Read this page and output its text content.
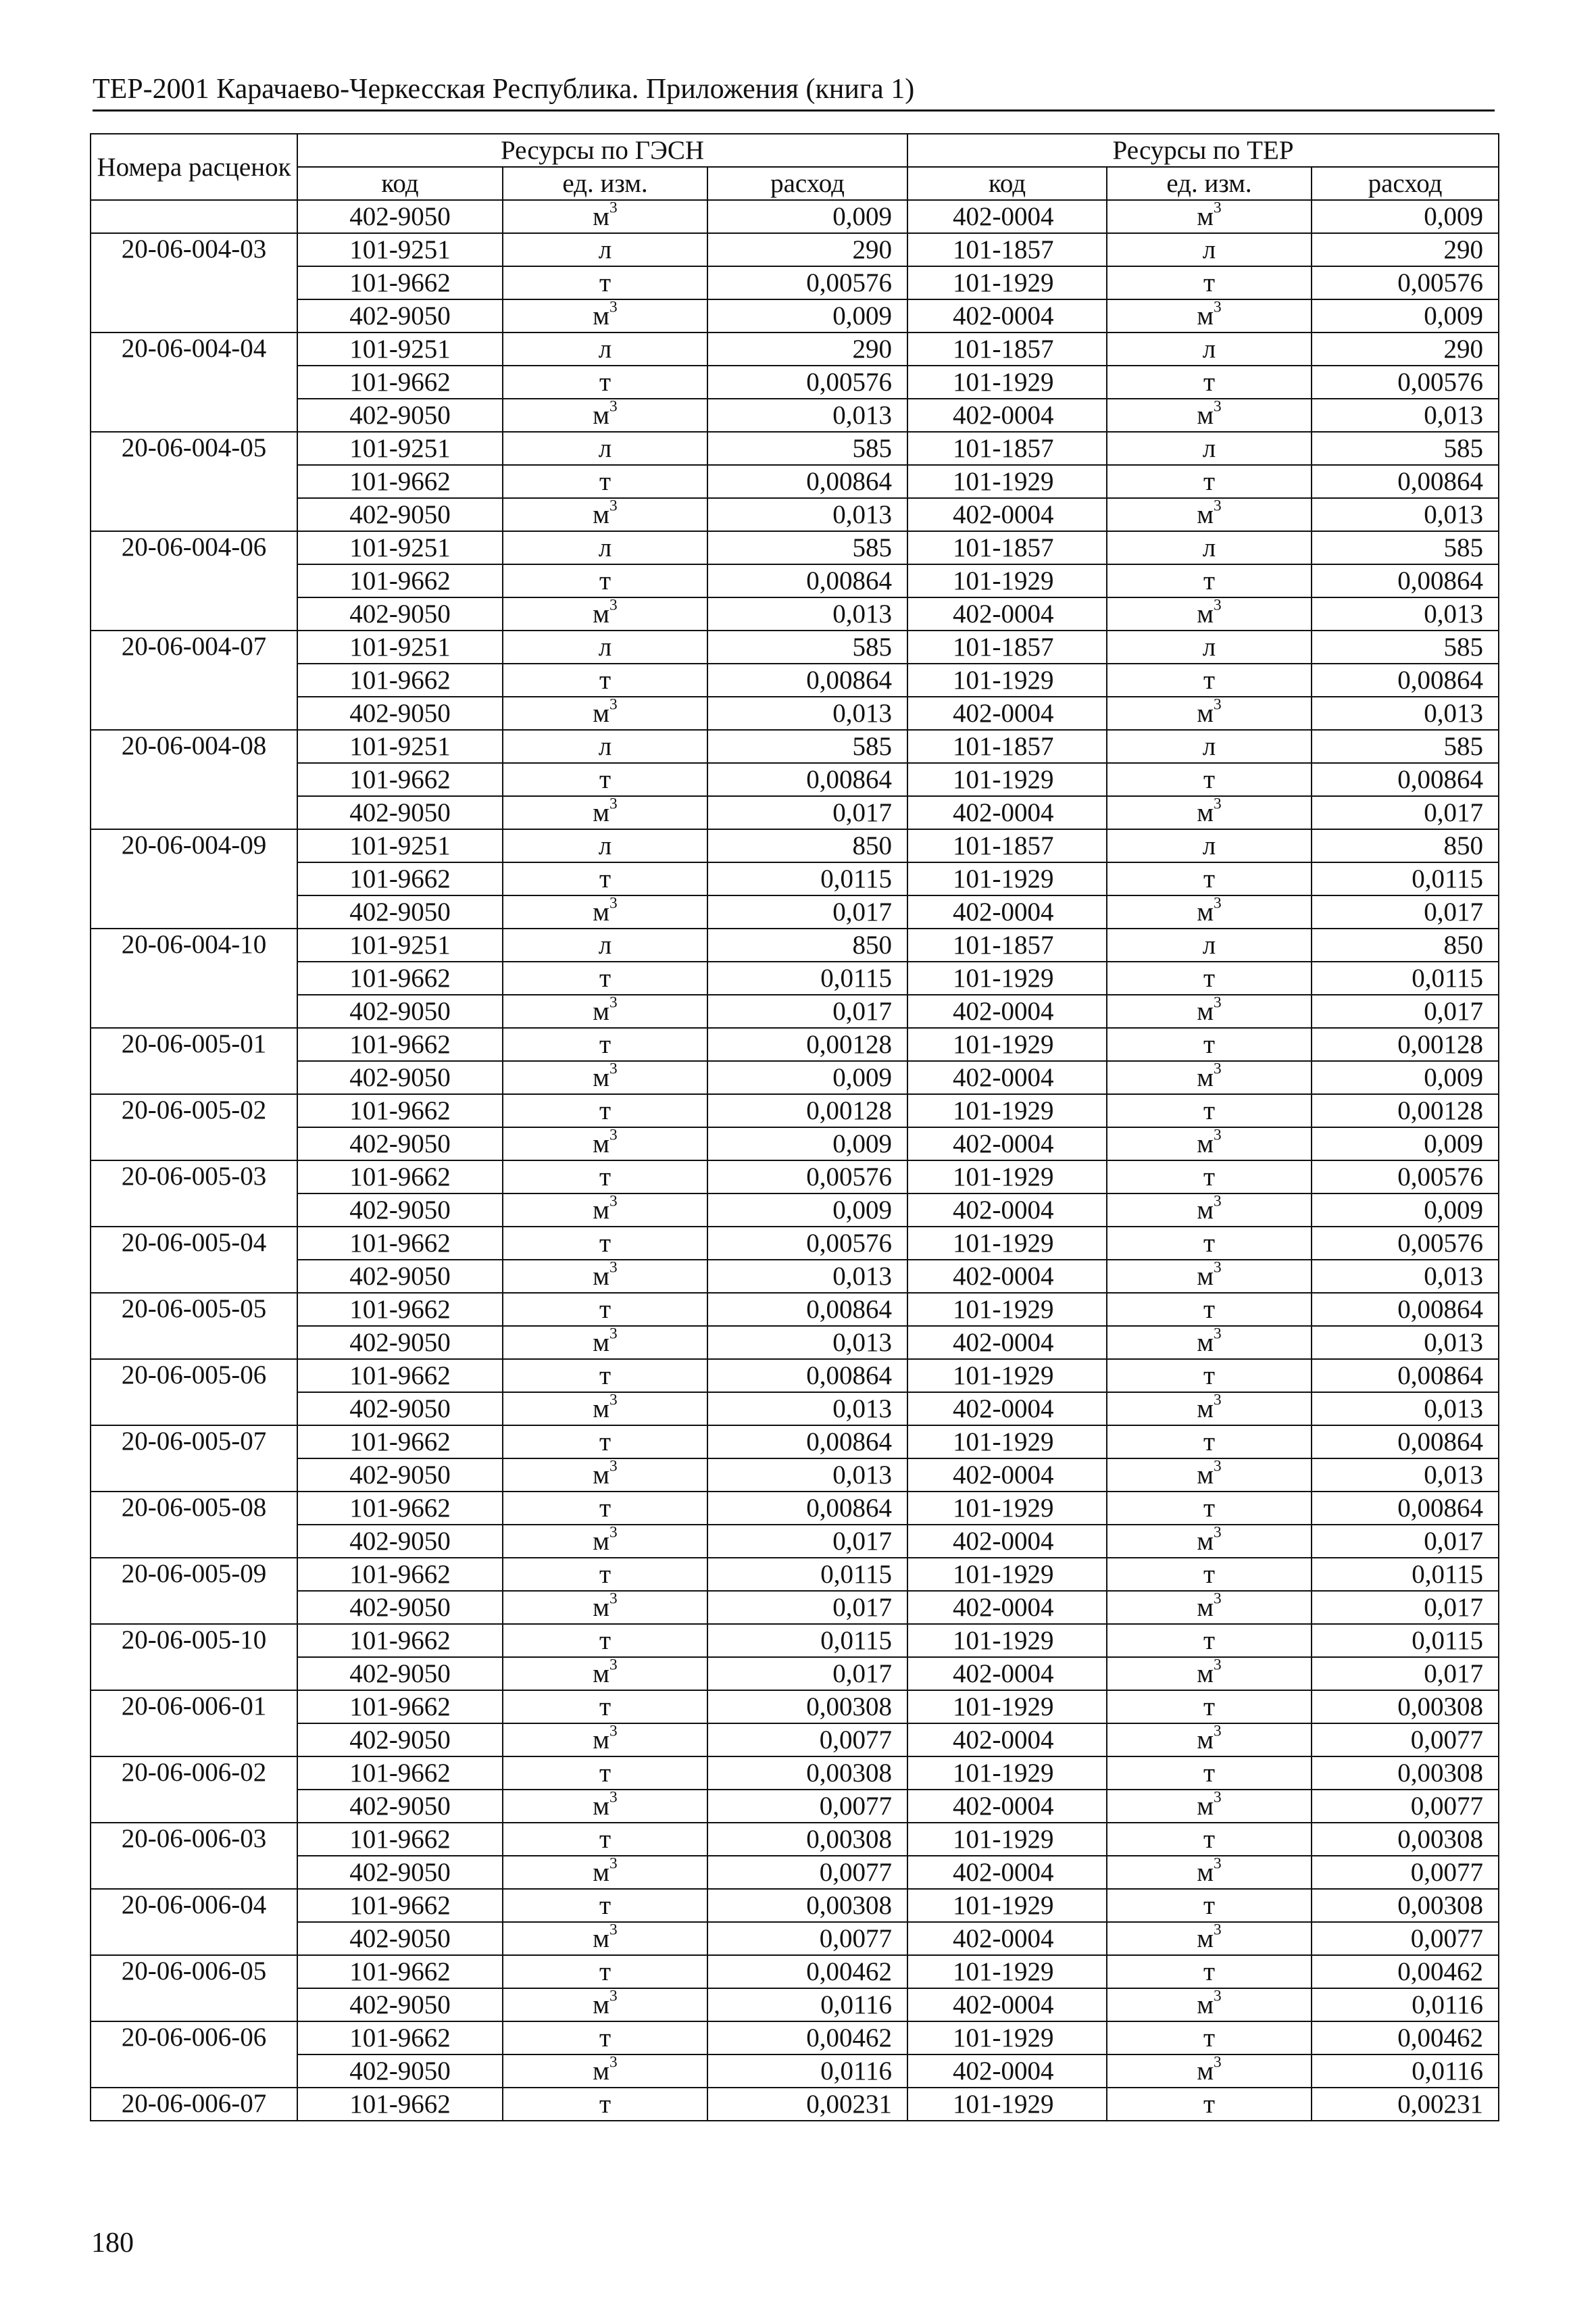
ТЕР-2001 Карачаево-Черкесская Республика. Приложения (книга 1)
Номера расценок	Ресурсы по ГЭСН			Ресурсы по ТЕР		
	код	ед. изм.	расход	код	ед. изм.	расход
	402-9050	$м^3$	0,009	402-0004	$м^3$	0,009
20-06-004-03	101-9251	л	290	101-1857	л	290
	101-9662	т	0,00576	101-1929	т	0,00576
	402-9050	$м^3$	0,009	402-0004	$м^3$	0,009
20-06-004-04	101-9251	л	290	101-1857	л	290
	101-9662	т	0,00576	101-1929	т	0,00576
	402-9050	$м^3$	0,013	402-0004	$м^3$	0,013
20-06-004-05	101-9251	л	585	101-1857	л	585
	101-9662	т	0,00864	101-1929	т	0,00864
	402-9050	$м^3$	0,013	402-0004	$м^3$	0,013
20-06-004-06	101-9251	л	585	101-1857	л	585
	101-9662	т	0,00864	101-1929	т	0,00864
	402-9050	$м^3$	0,013	402-0004	$м^3$	0,013
20-06-004-07	101-9251	л	585	101-1857	л	585
	101-9662	т	0,00864	101-1929	т	0,00864
	402-9050	$м^3$	0,013	402-0004	$м^3$	0,013
20-06-004-08	101-9251	л	585	101-1857	л	585
	101-9662	т	0,00864	101-1929	т	0,00864
	402-9050	$м^3$	0,017	402-0004	$м^3$	0,017
20-06-004-09	101-9251	л	850	101-1857	л	850
	101-9662	т	0,0115	101-1929	т	0,0115
	402-9050	$м^3$	0,017	402-0004	$м^3$	0,017
20-06-004-10	101-9251	л	850	101-1857	л	850
	101-9662	т	0,0115	101-1929	т	0,0115
	402-9050	$м^3$	0,017	402-0004	$м^3$	0,017
20-06-005-01	101-9662	т	0,00128	101-1929	т	0,00128
	402-9050	$м^3$	0,009	402-0004	$м^3$	0,009
20-06-005-02	101-9662	т	0,00128	101-1929	т	0,00128
	402-9050	$м^3$	0,009	402-0004	$м^3$	0,009
20-06-005-03	101-9662	т	0,00576	101-1929	т	0,00576
	402-9050	$м^3$	0,009	402-0004	$м^3$	0,009
20-06-005-04	101-9662	т	0,00576	101-1929	т	0,00576
	402-9050	$м^3$	0,013	402-0004	$м^3$	0,013
20-06-005-05	101-9662	т	0,00864	101-1929	т	0,00864
	402-9050	$м^3$	0,013	402-0004	$м^3$	0,013
20-06-005-06	101-9662	т	0,00864	101-1929	т	0,00864
	402-9050	$м^3$	0,013	402-0004	$м^3$	0,013
20-06-005-07	101-9662	т	0,00864	101-1929	т	0,00864
	402-9050	$м^3$	0,013	402-0004	$м^3$	0,013
20-06-005-08	101-9662	т	0,00864	101-1929	т	0,00864
	402-9050	$м^3$	0,017	402-0004	$м^3$	0,017
20-06-005-09	101-9662	т	0,0115	101-1929	т	0,0115
	402-9050	$м^3$	0,017	402-0004	$м^3$	0,017
20-06-005-10	101-9662	т	0,0115	101-1929	т	0,0115
	402-9050	$м^3$	0,017	402-0004	$м^3$	0,017
20-06-006-01	101-9662	т	0,00308	101-1929	т	0,00308
	402-9050	$м^3$	0,0077	402-0004	$м^3$	0,0077
20-06-006-02	101-9662	т	0,00308	101-1929	т	0,00308
	402-9050	$м^3$	0,0077	402-0004	$м^3$	0,0077
20-06-006-03	101-9662	т	0,00308	101-1929	т	0,00308
	402-9050	$м^3$	0,0077	402-0004	$м^3$	0,0077
20-06-006-04	101-9662	т	0,00308	101-1929	т	0,00308
	402-9050	$м^3$	0,0077	402-0004	$м^3$	0,0077
20-06-006-05	101-9662	т	0,00462	101-1929	т	0,00462
	402-9050	$м^3$	0,0116	402-0004	$м^3$	0,0116
20-06-006-06	101-9662	т	0,00462	101-1929	т	0,00462
	402-9050	$м^3$	0,0116	402-0004	$м^3$	0,0116
20-06-006-07	101-9662	т	0,00231	101-1929	т	0,00231
180
